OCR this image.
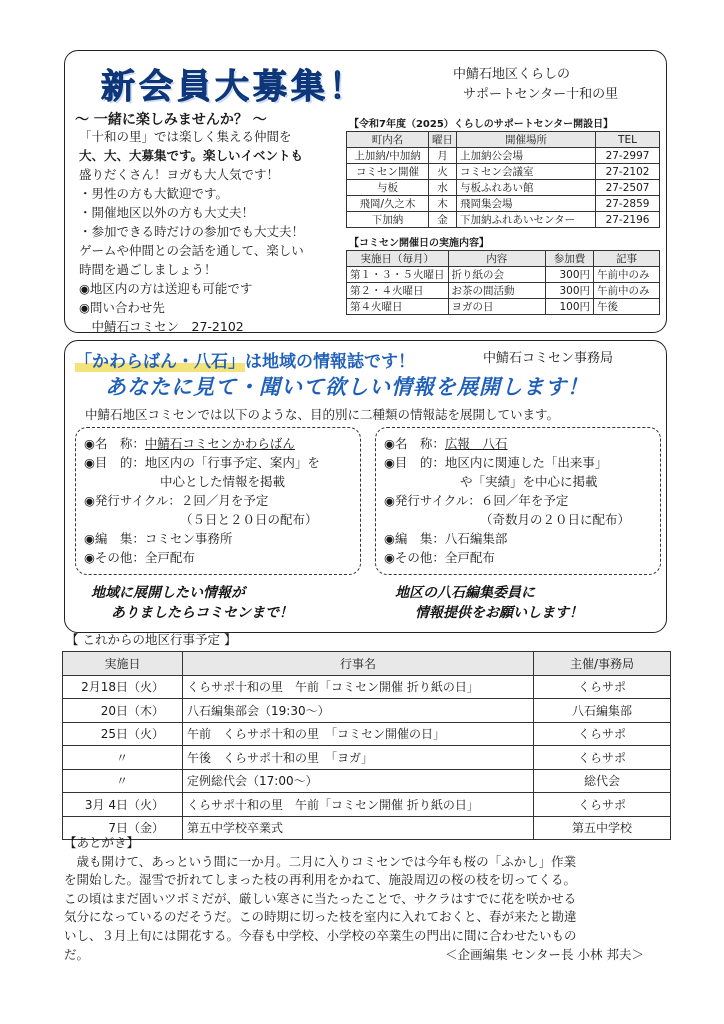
新会員大募集！	中鯖石地区くらしの
サポートセンター十和の里
～ 一緒に楽しみませんか？ ～
「十和の里」では楽しく集える仲間を
大、大、大募集です。楽しいイベントも
盛りだくさん！ヨガも大人気です！
・男性の方も大歓迎です。
・開催地区以外の方も大丈夫！
・参加できる時だけの参加でも大丈夫！
ゲームや仲間との会話を通して、楽しい
時間を過ごしましょう！
◉地区内の方は送迎も可能です
◉問い合わせ先
　中鯖石コミセン　27-2102
【令和7年度（2025）くらしのサポートセンター開設日】
町内名	曜日	開催場所	TEL
上加納/中加納	月	上加納公会場	27-2997
コミセン開催	火	コミセン会議室	27-2102
与板	水	与板ふれあい館	27-2507
飛岡/久之木	木	飛岡集会場	27-2859
下加納	金	下加納ふれあいセンター	27-2196
【コミセン開催日の実施内容】
実施日（毎月）	内容	参加費	記事
第１・３・５火曜日	折り紙の会	300円	午前中のみ
第２・４火曜日	お茶の間活動	300円	午前中のみ
第４火曜日	ヨガの日	100円	午後
「かわらばん・八石」は地域の情報誌です！	中鯖石コミセン事務局
あなたに見て・聞いて欲しい情報を展開します！
中鯖石地区コミセンでは以下のような、目的別に二種類の情報誌を展開しています。
◉名　称：中鯖石コミセンかわらばん
◉目　的：地区内の「行事予定、案内」を
中心とした情報を掲載
◉発行サイクル：２回／月を予定
（５日と２０日の配布）
◉編　集：コミセン事務所
◉その他：全戸配布
◉名　称：広報　八石
◉目　的：地区内に関連した「出来事」
や「実績」を中心に掲載
◉発行サイクル：６回／年を予定
（奇数月の２０日に配布）
◉編　集：八石編集部
◉その他：全戸配布
地域に展開したい情報が
ありましたらコミセンまで！
地区の八石編集委員に
情報提供をお願いします！
【 これからの地区行事予定 】
実施日	行事名	主催/事務局
2月18日（火）	くらサポ十和の里　午前「コミセン開催 折り紙の日」	くらサポ
20日（木）	八石編集部会（19:30～）	八石編集部
25日（火）	午前　くらサポ十和の里　「コミセン開催の日」	くらサポ
〃	午後　くらサポ十和の里　「ヨガ」	くらサポ
〃	定例総代会（17:00～）	総代会
3月 4日（火）	くらサポ十和の里　午前「コミセン開催 折り紙の日」	くらサポ
7日（金）	第五中学校卒業式	第五中学校
【あとがき】
　歳も開けて、あっという間に一か月。二月に入りコミセンでは今年も桜の「ふかし」作業
を開始した。湿雪で折れてしまった枝の再利用をかねて、施設周辺の桜の枝を切ってくる。
この頃はまだ固いツボミだが、厳しい寒さに当たったことで、サクラはすでに花を咲かせる
気分になっているのだそうだ。この時期に切った枝を室内に入れておくと、春が来たと勘違
いし、３月上旬には開花する。今春も中学校、小学校の卒業生の門出に間に合わせたいもの
だ。	＜企画編集 センター長 小林 邦夫＞
